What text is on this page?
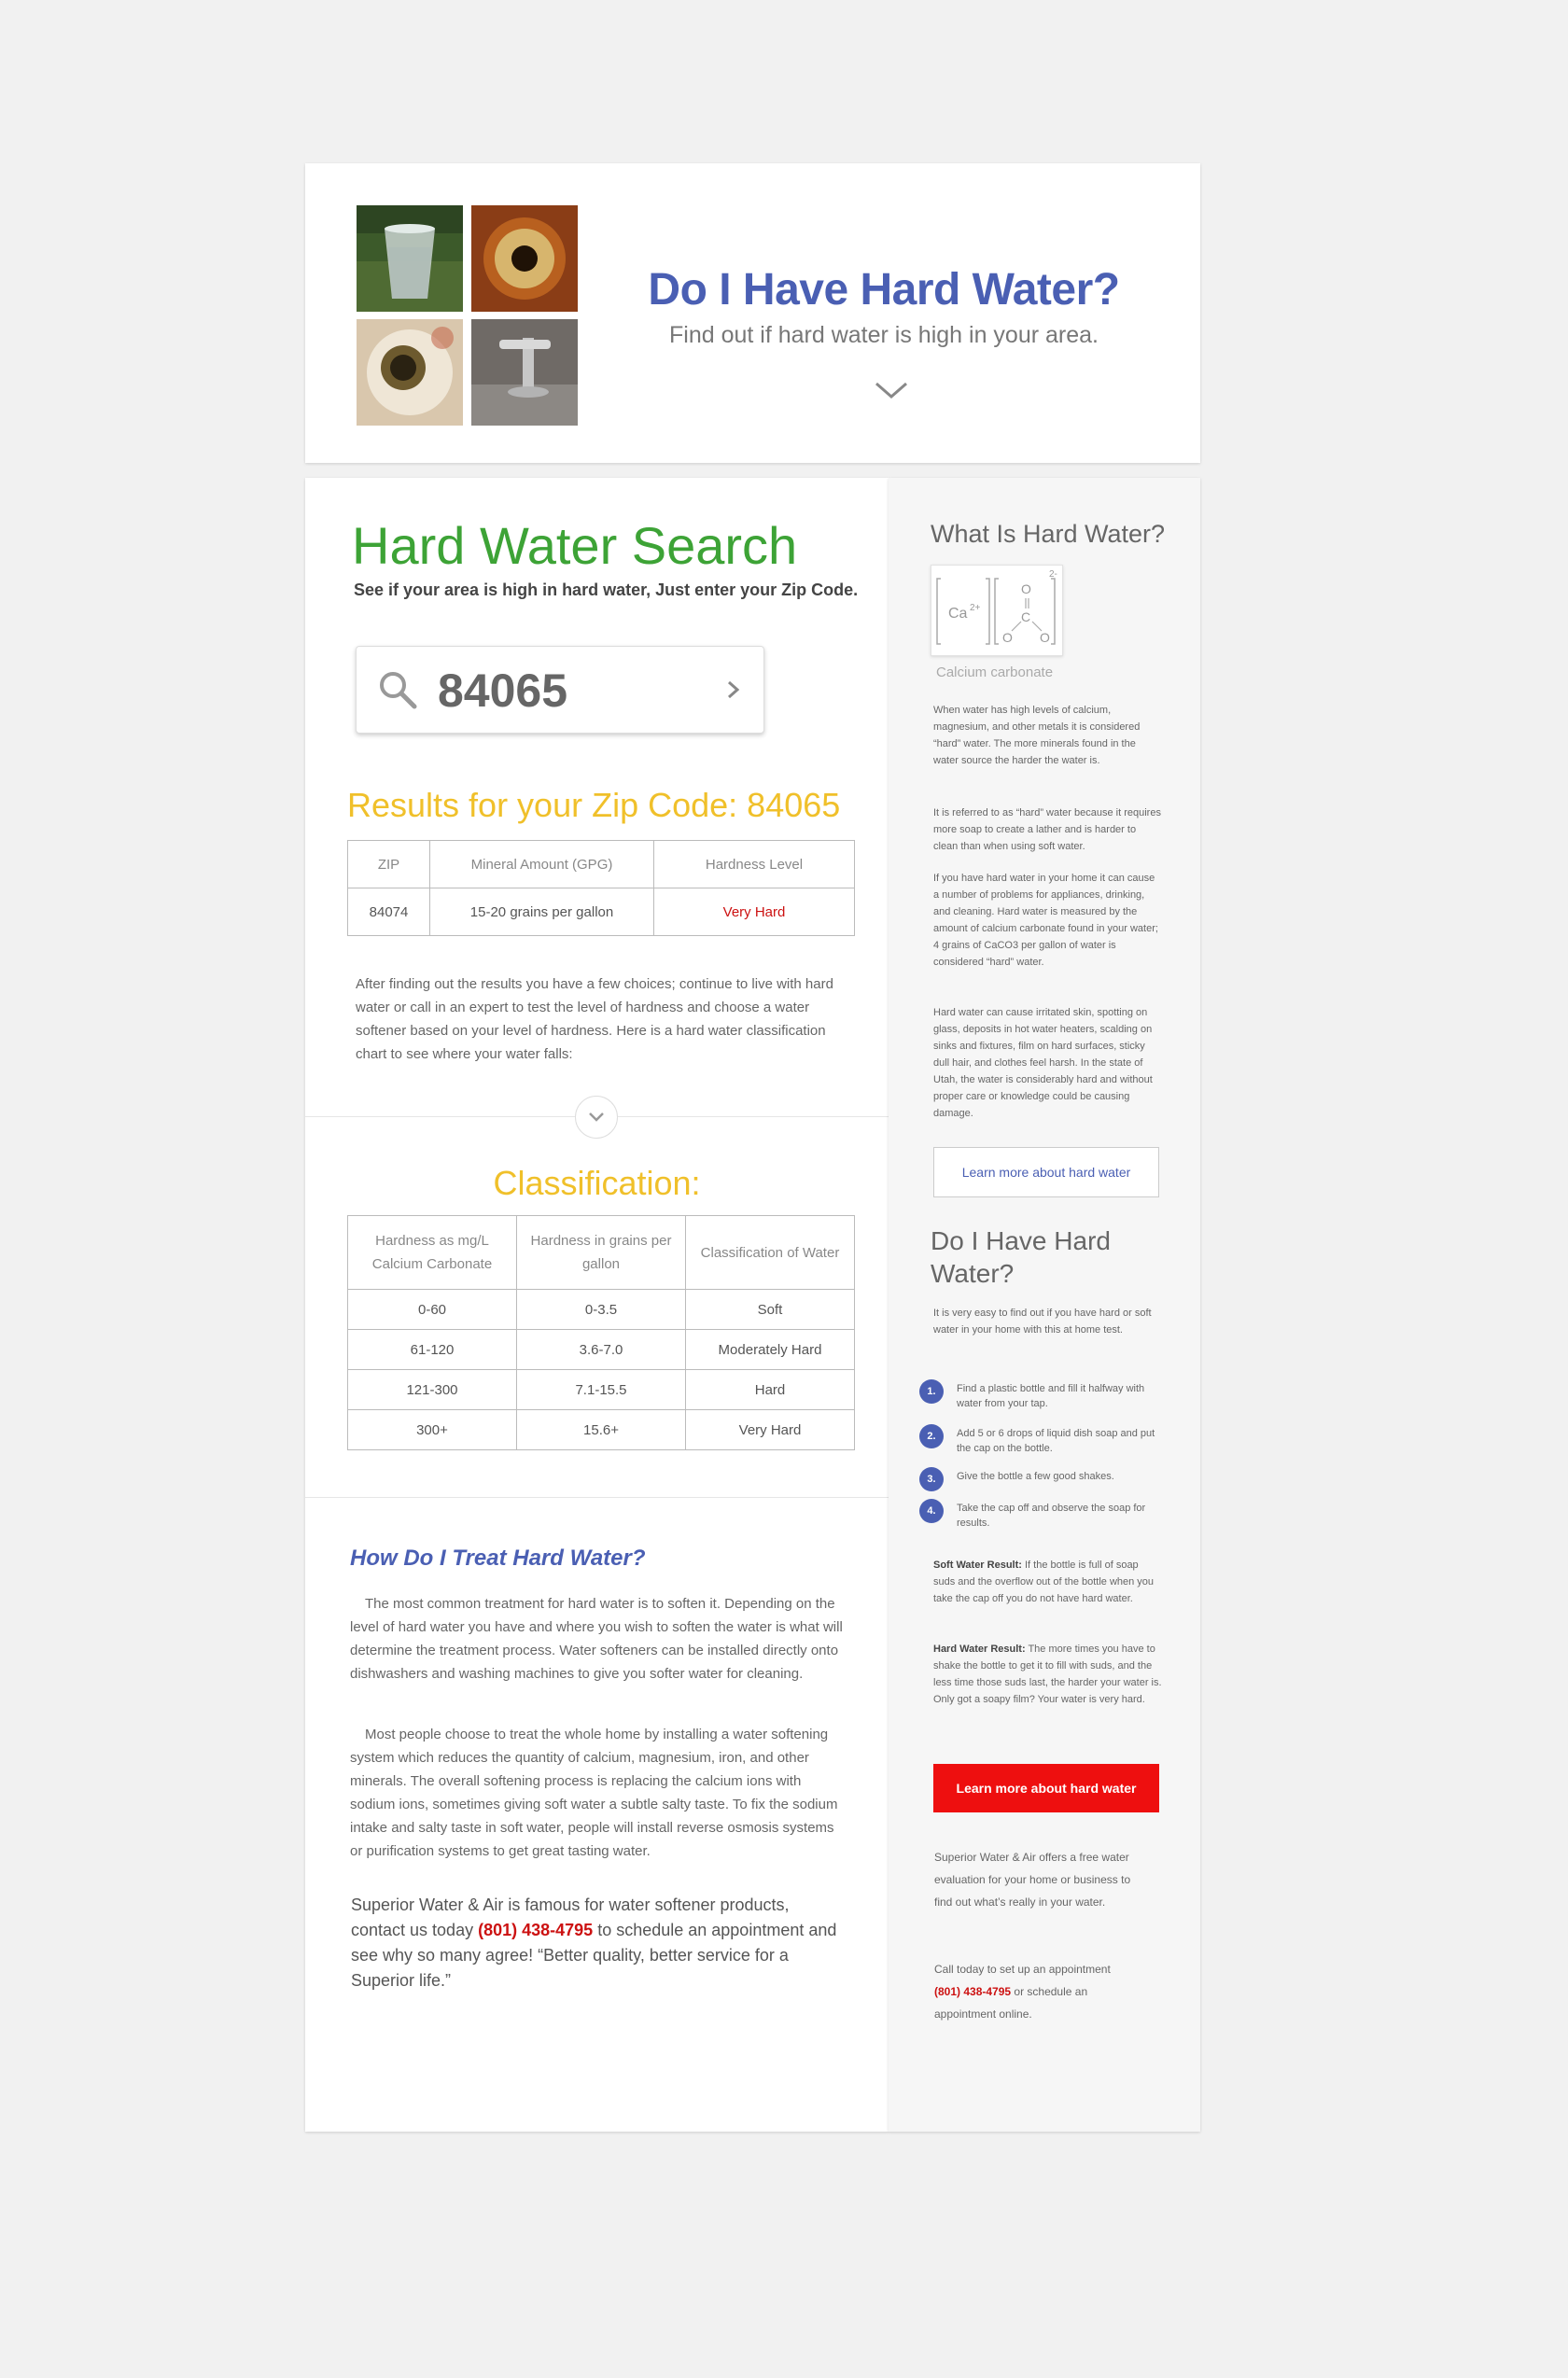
Do I Have Hard Water?
Find out if hard water is high in your area.
Hard Water Search
See if your area is high in hard water, Just enter your Zip Code.
84065
Results for your Zip Code: 84065
ZIP	Mineral Amount (GPG)	Hardness Level
84074	15-20 grains per gallon	Very Hard
After finding out the results you have a few choices; continue to live with hard water or call in an expert to test the level of hardness and choose a water softener based on your level of hardness. Here is a hard water classification chart to see where your water falls:
Classification:
Hardness as mg/L Calcium Carbonate	Hardness in grains per gallon	Classification of Water
0-60	0-3.5	Soft
61-120	3.6-7.0	Moderately Hard
121-300	7.1-15.5	Hard
300+	15.6+	Very Hard
How Do I Treat Hard Water?
The most common treatment for hard water is to soften it. Depending on the level of hard water you have and where you wish to soften the water is what will determine the treatment process. Water softeners can be installed directly onto dishwashers and washing machines to give you softer water for cleaning.
Most people choose to treat the whole home by installing a water softening system which reduces the quantity of calcium, magnesium, iron, and other minerals. The overall softening process is replacing the calcium ions with sodium ions, sometimes giving soft water a subtle salty taste. To fix the sodium intake and salty taste in soft water, people will install reverse osmosis systems or purification systems to get great tasting water.
Superior Water & Air is famous for water softener products, contact us today (801) 438-4795 to schedule an appointment and see why so many agree! “Better quality, better service for a Superior life.”
What Is Hard Water?
Ca 2+
O
C
O O
2-
Calcium carbonate
When water has high levels of calcium, magnesium, and other metals it is considered “hard” water. The more minerals found in the water source the harder the water is.
It is referred to as “hard” water because it requires more soap to create a lather and is harder to clean than when using soft water.
If you have hard water in your home it can cause a number of problems for appliances, drinking, and cleaning. Hard water is measured by the amount of calcium carbonate found in your water; 4 grains of CaCO3 per gallon of water is considered “hard” water.
Hard water can cause irritated skin, spotting on glass, deposits in hot water heaters, scalding on sinks and fixtures, film on hard surfaces, sticky dull hair, and clothes feel harsh. In the state of Utah, the water is considerably hard and without proper care or knowledge could be causing damage.
Learn more about hard water
Do I Have Hard Water?
It is very easy to find out if you have hard or soft water in your home with this at home test.
1.	Find a plastic bottle and fill it halfway with water from your tap.
2.	Add 5 or 6 drops of liquid dish soap and put the cap on the bottle.
3.	Give the bottle a few good shakes.
4.	Take the cap off and observe the soap for results.
Soft Water Result: If the bottle is full of soap suds and the overflow out of the bottle when you take the cap off you do not have hard water.
Hard Water Result: The more times you have to shake the bottle to get it to fill with suds, and the less time those suds last, the harder your water is. Only got a soapy film? Your water is very hard.
Learn more about hard water
Superior Water & Air offers a free water evaluation for your home or business to find out what’s really in your water.
Call today to set up an appointment (801) 438-4795 or schedule an appointment online.
